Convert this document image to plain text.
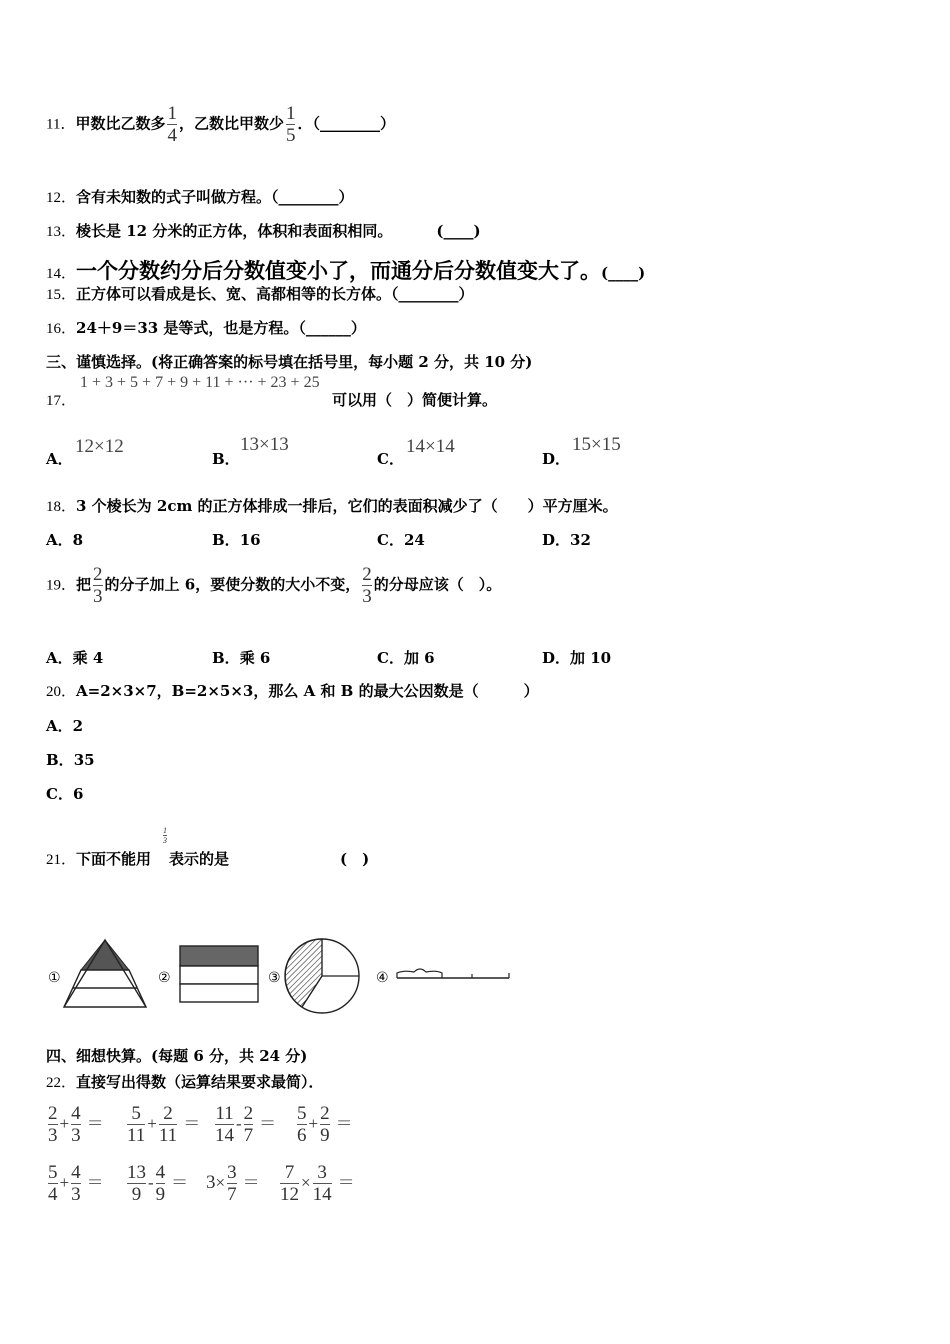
11．甲数比乙数多 $\frac{1}{4}$ ，乙数比甲数少 $\frac{1}{5}$ ．（________）
12．含有未知数的式子叫做方程。（________）
13．棱长是 12 分米的正方体，体积和表面积相同。	(____)
14．一个分数约分后分数值变小了，而通分后分数值变大了。(____)
15．正方体可以看成是长、宽、高都相等的长方体。（________）
16．24＋9＝33 是等式，也是方程。（______）
三、谨慎选择。(将正确答案的标号填在括号里，每小题 2 分，共 10 分)
17．
1 + 3 + 5 + 7 + 9 + 11 + ··· + 23 + 25
可以用（　）简便计算。
A．
12×12
B．
13×13
C．
14×14
D．
15×15
18．3 个棱长为 2cm 的正方体排成一排后，它们的表面积减少了（　　）平方厘米。
A．8	B．16	C．24	D．32
19．把 $\frac{2}{3}$ 的分子加上 6，要使分数的大小不变， $\frac{2}{3}$ 的分母应该（　）。
A．乘 4	B．乘 6	C．加 6	D．加 10
20．A=2×3×7，B=2×5×3，那么 A 和 B 的最大公因数是（　　　）
A．2
B．35
C．6
21．下面不能用
$\frac{1}{3}$
表示的是	(　)
①	②	③	④
四、细想快算。(每题 6 分，共 24 分)
22．直接写出得数（运算结果要求最简）．
$\frac{2}{3} + \frac{4}{3} = \frac{5}{11} + \frac{2}{11} = \frac{11}{14} - \frac{2}{7} = \frac{5}{6} + \frac{2}{9}$ ＝
$\frac{5}{4} + \frac{4}{3} = \frac{13}{9} - \frac{4}{9} = 3\times \frac{3}{7} = \frac{7}{12} \times \frac{3}{14}$ ＝
